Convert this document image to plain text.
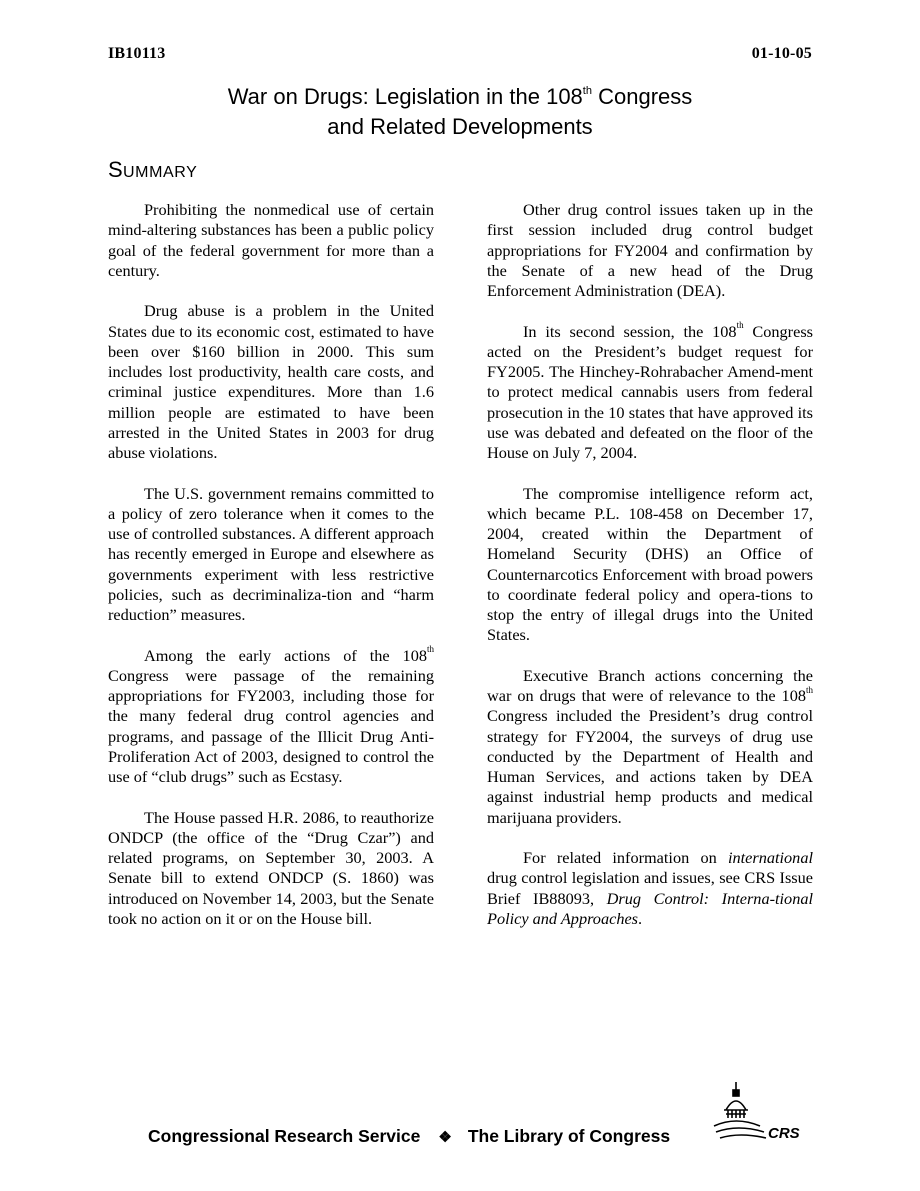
IB10113	01-10-05
War on Drugs: Legislation in the 108th Congress
and Related Developments
SUMMARY

Prohibiting the nonmedical use of certain mind-altering substances has been a public policy goal of the federal government for more than a century.

Drug abuse is a problem in the United States due to its economic cost, estimated to have been over $160 billion in 2000. This sum includes lost productivity, health care costs, and criminal justice expenditures. More than 1.6 million people are estimated to have been arrested in the United States in 2003 for drug abuse violations.

The U.S. government remains committed to a policy of zero tolerance when it comes to the use of controlled substances. A different approach has recently emerged in Europe and elsewhere as governments experiment with less restrictive policies, such as decriminaliza-tion and “harm reduction” measures.

Among the early actions of the 108th Congress were passage of the remaining appropriations for FY2003, including those for the many federal drug control agencies and programs, and passage of the Illicit Drug Anti-Proliferation Act of 2003, designed to control the use of “club drugs” such as Ecstasy.

The House passed H.R. 2086, to reauthorize ONDCP (the office of the “Drug Czar”) and related programs, on September 30, 2003. A Senate bill to extend ONDCP (S. 1860) was introduced on November 14, 2003, but the Senate took no action on it or on the House bill.

Other drug control issues taken up in the first session included drug control budget appropriations for FY2004 and confirmation by the Senate of a new head of the Drug Enforcement Administration (DEA).

In its second session, the 108th Congress acted on the President’s budget request for FY2005. The Hinchey-Rohrabacher Amend-ment to protect medical cannabis users from federal prosecution in the 10 states that have approved its use was debated and defeated on the floor of the House on July 7, 2004.

The compromise intelligence reform act, which became P.L. 108-458 on December 17, 2004, created within the Department of Homeland Security (DHS) an Office of Counternarcotics Enforcement with broad powers to coordinate federal policy and opera-tions to stop the entry of illegal drugs into the United States.

Executive Branch actions concerning the war on drugs that were of relevance to the 108th Congress included the President’s drug control strategy for FY2004, the surveys of drug use conducted by the Department of Health and Human Services, and actions taken by DEA against industrial hemp products and medical marijuana providers.

For related information on international drug control legislation and issues, see CRS Issue Brief IB88093, Drug Control: Interna-tional Policy and Approaches.

Congressional Research Service ❖ The Library of Congress	CRS
